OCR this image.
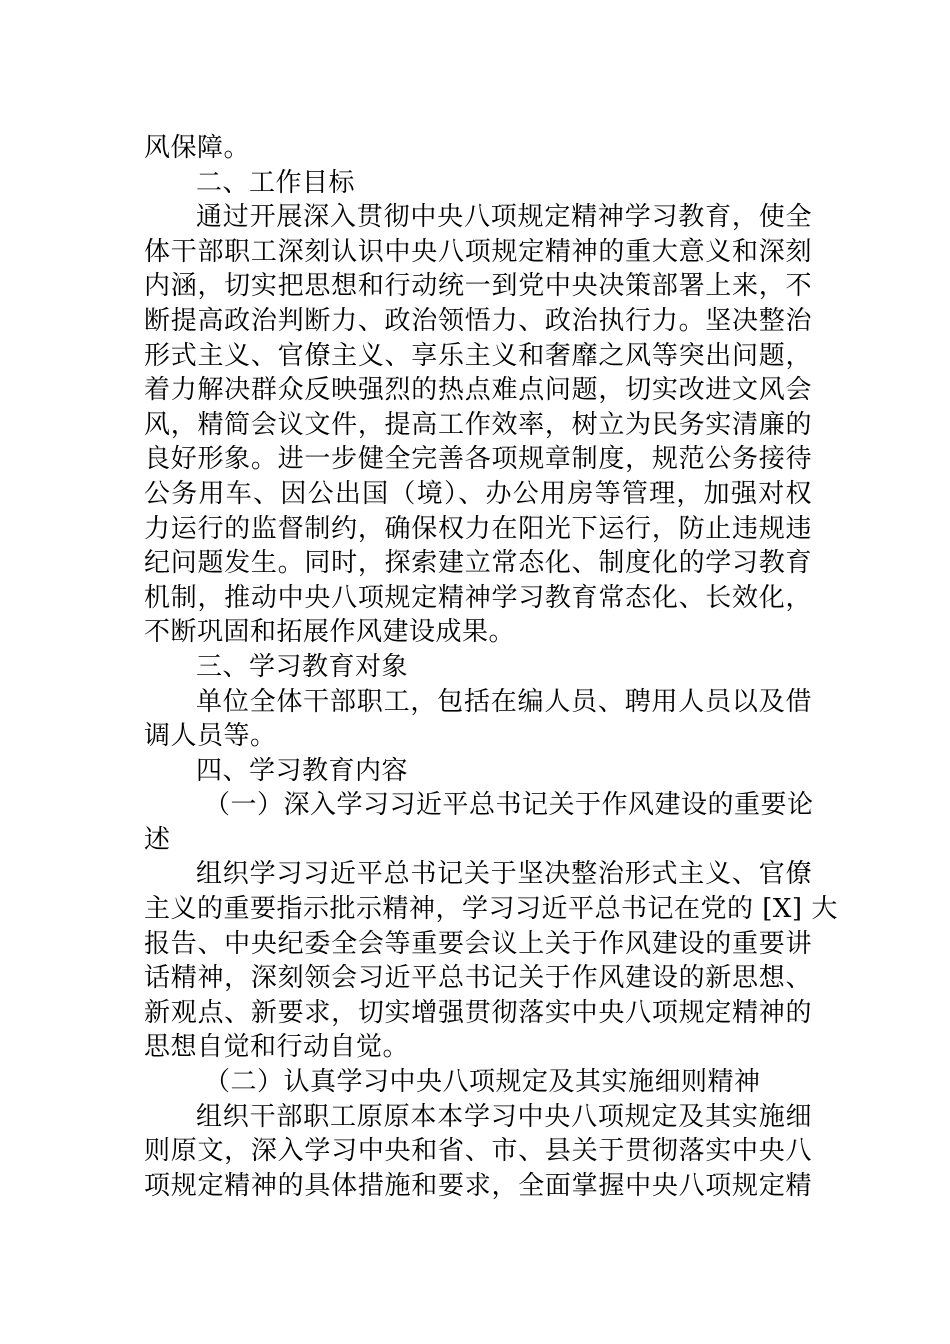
风保障。
二、工作目标
通过开展深入贯彻中央八项规定精神学习教育，使全
体干部职工深刻认识中央八项规定精神的重大意义和深刻
内涵，切实把思想和行动统一到党中央决策部署上来，不
断提高政治判断力、政治领悟力、政治执行力。坚决整治
形式主义、官僚主义、享乐主义和奢靡之风等突出问题，
着力解决群众反映强烈的热点难点问题，切实改进文风会
风，精简会议文件，提高工作效率，树立为民务实清廉的
良好形象。进一步健全完善各项规章制度，规范公务接待
公务用车、因公出国（境）、办公用房等管理，加强对权
力运行的监督制约，确保权力在阳光下运行，防止违规违
纪问题发生。同时，探索建立常态化、制度化的学习教育
机制，推动中央八项规定精神学习教育常态化、长效化，
不断巩固和拓展作风建设成果。
三、学习教育对象
单位全体干部职工，包括在编人员、聘用人员以及借
调人员等。
四、学习教育内容
（一）深入学习习近平总书记关于作风建设的重要论
述
组织学习习近平总书记关于坚决整治形式主义、官僚
主义的重要指示批示精神，学习习近平总书记在党的 [X] 大
报告、中央纪委全会等重要会议上关于作风建设的重要讲
话精神，深刻领会习近平总书记关于作风建设的新思想、
新观点、新要求，切实增强贯彻落实中央八项规定精神的
思想自觉和行动自觉。
（二）认真学习中央八项规定及其实施细则精神
组织干部职工原原本本学习中央八项规定及其实施细
则原文，深入学习中央和省、市、县关于贯彻落实中央八
项规定精神的具体措施和要求，全面掌握中央八项规定精
